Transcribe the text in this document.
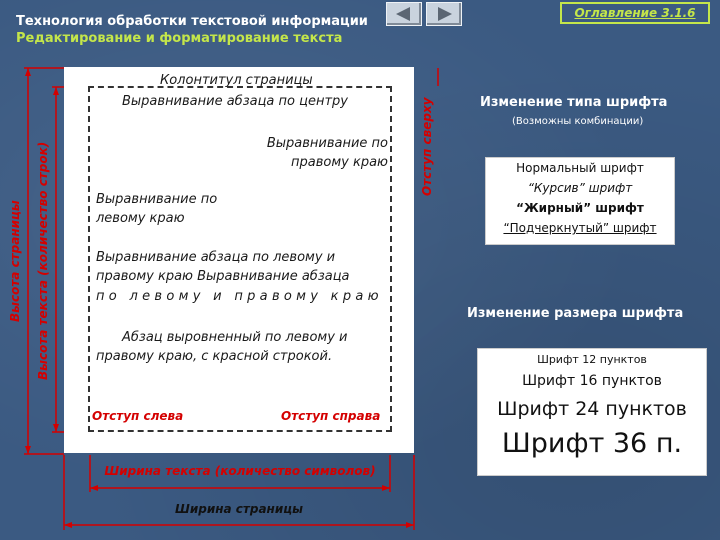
Технология обработки текстовой информации
Редактирование и форматирование текста
Оглавление 3.1.6
Колонтитул страницы
Выравнивание абзаца по центру
Выравнивание по
правому краю
Выравнивание по
левому краю
Выравнивание абзаца по левому и
правому краю Выравнивание абзаца
по левому и правому краю
Абзац выровненный по левому и
правому краю, с красной строкой.
Отступ слева	Отступ справа
Ширина текста (количество символов)
Ширина страницы
Высота страницы Высота текста (количество строк)	Отступ сверху	Изменение типа шрифта
(Возможны комбинации)
Нормальный шрифт
“Курсив” шрифт
“Жирный” шрифт
“Подчеркнутый” шрифт
Изменение размера шрифта
Шрифт 12 пунктов
Шрифт 16 пунктов
Шрифт 24 пунктов
Шрифт 36 п.
